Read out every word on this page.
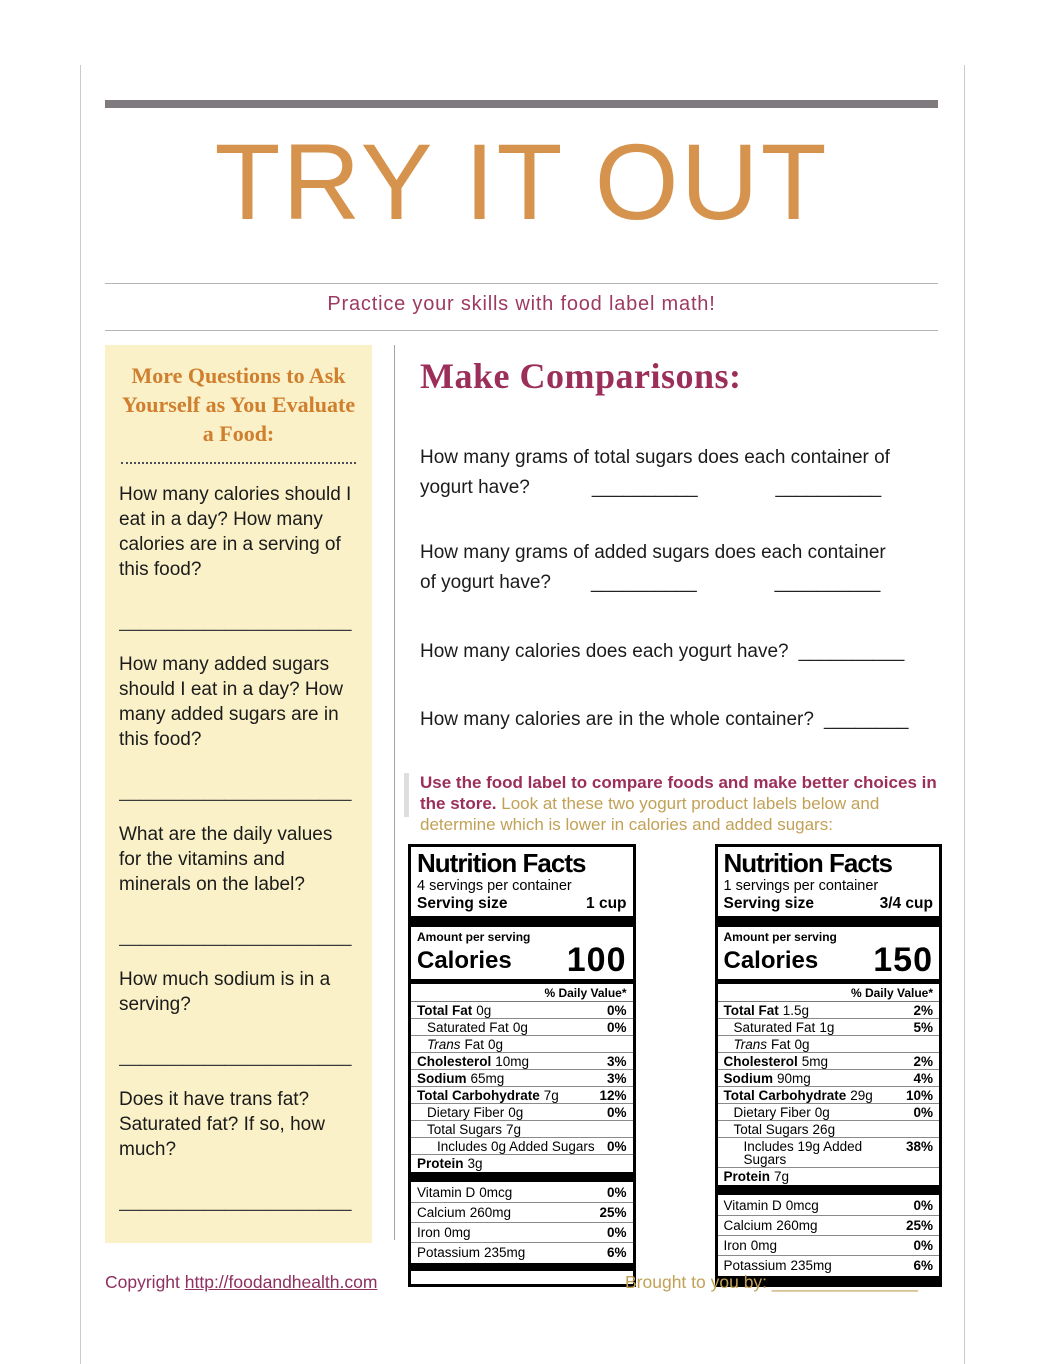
TRY IT OUT
Practice your skills with food label math!
More Questions to Ask Yourself as You Evaluate a Food:
How many calories should I eat in a day? How many calories are in a serving of this food?
______________________
How many added sugars should I eat in a day? How many added sugars are in this food?
______________________
What are the daily values for the vitamins and minerals on the label?
______________________
How much sodium is in a serving?
______________________
Does it have trans fat? Saturated fat? If so, how much?
______________________
Make Comparisons:
How many grams of total sugars does each container of
yogurt have?	__________	__________
How many grams of added sugars does each container
of yogurt have? __________	__________
How many calories does each yogurt have? __________
How many calories are in the whole container? ________

Use the food label to compare foods and make better choices in the store. Look at these two yogurt product labels below and determine which is lower in calories and added sugars:

Nutrition Facts
4 servings per container
Serving size	1 cup
Amount per serving
Calories 100
% Daily Value*
Total Fat 0g	0%
Saturated Fat 0g	0%
Trans Fat 0g
Cholesterol 10mg	3%
Sodium 65mg	3%
Total Carbohydrate 7g	12%
Dietary Fiber 0g	0%
Total Sugars 7g
Includes 0g Added Sugars 0%
Protein 3g
Vitamin D 0mcg	0%
Calcium 260mg	25%
Iron 0mg	0%
Potassium 235mg	6%
Nutrition Facts
1 servings per container
Serving size	3/4 cup
Amount per serving
Calories 150
% Daily Value*
Total Fat 1.5g	2%
Saturated Fat 1g	5%
Trans Fat 0g
Cholesterol 5mg	2%
Sodium 90mg	4%
Total Carbohydrate 29g 10%
Dietary Fiber 0g	0%
Total Sugars 26g
Includes 19g Added Sugars
38%
Protein 7g
Vitamin D 0mcg	0%
Calcium 260mg	25%
Iron 0mg	0%
Potassium 235mg	6%
Copyright http://foodandhealth.com	Brought to you by: _______________
